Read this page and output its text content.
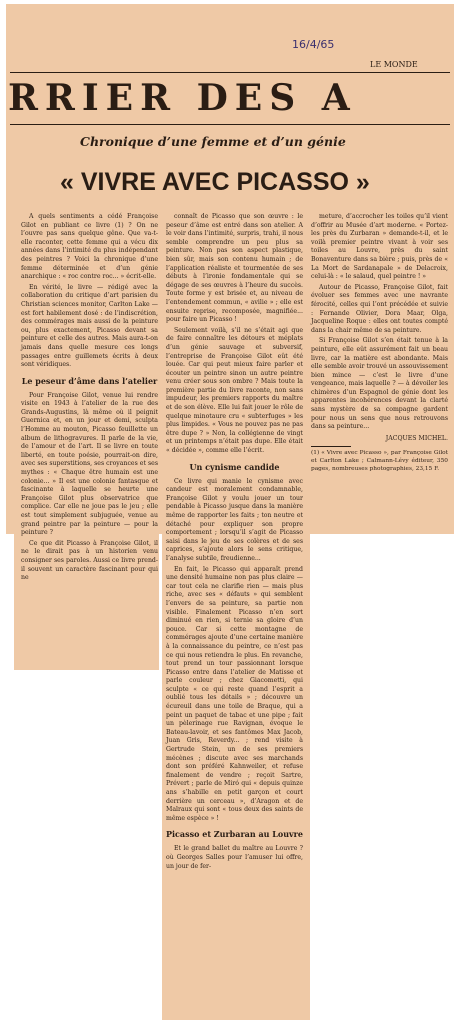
16/4/65
LE MONDE
RRIER DES A
Chronique d’une femme et d’un génie
« VIVRE AVEC PICASSO »

A quels sentiments a cédé Françoise Gilot en publiant ce livre (1) ? On ne l’ouvre pas sans quelque gêne. Que va-t-elle raconter, cette femme qui a vécu dix années dans l’intimité du plus indépendant des peintres ? Voici la chronique d’une femme déterminée et d’un génie anarchique : « roc contre roc... » écrit-elle.

En vérité, le livre — rédigé avec la collaboration du critique d’art parisien du Christian sciences monitor, Carlton Lake — est fort habilement dosé : de l’indiscrétion, des commérages mais aussi de la peinture ou, plus exactement, Picasso devant sa peinture et celle des autres. Mais aura-t-on jamais dans quelle mesure ces longs passages entre guillemets écrits à deux sont véridiques.

Le peseur d’âme dans l’atelier

Pour Françoise Gilot, venue lui rendre visite en 1943 à l’atelier de la rue des Grands-Augustins, là même où il peignit Guernica et, en un jour et demi, sculpta l’Homme au mouton, Picasso feuillette un album de lithogravures. Il parle de la vie, de l’amour et de l’art. Il se livre en toute liberté, en toute poésie, pourrait-on dire, avec ses superstitions, ses croyances et ses mythes : « Chaque être humain est une colonie... » Il est une colonie fantasque et fascinante à laquelle se heurte une Françoise Gilot plus observatrice que complice. Car elle ne joue pas le jeu ; elle est tout simplement subjuguée, venue au grand peintre par la peinture — pour la peinture ?

Ce que dit Picasso à Françoise Gilot, il ne le dirait pas à un historien venu consigner ses paroles. Aussi ce livre prend-il souvent un caractère fascinant pour qui ne

connaît de Picasso que son œuvre : le peseur d’âme est entré dans son atelier. A le voir dans l’intimité, surpris, trahi, il nous semble comprendre un peu plus sa peinture. Non pas son aspect plastique, bien sûr, mais son contenu humain ; de l’application réaliste et tourmentée de ses débuts à l’ironie fondamentale qui se dégage de ses œuvres à l’heure du succès. Toute forme y est brisée et, au niveau de l’entendement commun, « avilie » ; elle est ensuite reprise, recomposée, magnifiée... pour faire un Picasso !

Seulement voilà, s’il ne s’était agi que de faire connaître les détours et méplats d’un génie sauvage et subversif, l’entreprise de Françoise Gilot eût été louée. Car qui peut mieux faire parler et écouter un peintre sinon un autre peintre venu créer sous son ombre ? Mais toute la première partie du livre raconte, non sans impudeur, les premiers rapports du maître et de son élève. Elle lui fait jouer le rôle de quelque minotaure cru « subterfuges » les plus limpides. « Vous ne pouvez pas ne pas être dupe ? » Non, la collégienne de vingt et un printemps n’était pas dupe. Elle était « décidée », comme elle l’écrit.

Un cynisme candide

Ce livre qui manie le cynisme avec candeur est moralement condamnable, Françoise Gilot y voulu jouer un tour pendable à Picasso jusque dans la manière même de rapporter les faits ; ton neutre et détaché pour expliquer son propre comportement ; lorsqu’il s’agit de Picasso saisi dans le jeu de ses colères et de ses caprices, s’ajoute alors le sens critique, l’analyse subtile, freudienne...

En fait, le Picasso qui apparaît prend une densité humaine non pas plus claire — car tout cela ne clarifie rien — mais plus riche, avec ses « défauts » qui semblent l’envers de sa peinture, sa partie non visible. Finalement Picasso n’en sort diminué en rien, si ternie sa gloire d’un pouce. Car si cette montagne de commérages ajoute d’une certaine manière à la connaissance du peintre, ce n’est pas ce qui nous retiendra le plus. En revanche, tout prend un tour passionnant lorsque Picasso entre dans l’atelier de Matisse et parle couleur ; chez Giacometti, qui sculpte « ce qui reste quand l’esprit a oublié tous les détails » ; découvre un écureuil dans une toile de Braque, qui a peint un paquet de tabac et une pipe ; fait un pèlerinage rue Ravignan, évoque le Bateau-lavoir, et ses fantômes Max Jacob, Juan Gris, Reverdy... ; rend visite à Gertrude Stein, un de ses premiers mécènes ; discute avec ses marchands dont son préféré Kahnweiler, et refuse finalement de vendre ; reçoit Sartre, Prévert ; parle de Miró qui « depuis quinze ans s’habille en petit garçon et court derrière un cerceau », d’Aragon et de Malraux qui sont « tous deux des saints de même espèce » !

Picasso et Zurbaran au Louvre

Et le grand ballet du maître au Louvre ? où Georges Salles pour l’amuser lui offre, un jour de fer-

meture, d’accrocher les toiles qu’il vient d’offrir au Musée d’art moderne. « Portez-les près du Zurbaran » demande-t-il, et le voilà premier peintre vivant à voir ses toiles au Louvre, près du saint Bonaventure dans sa bière ; puis, près de « La Mort de Sardanapale » de Delacroix, celui-là : « le salaud, quel peintre ! »

Autour de Picasso, Françoise Gilot, fait évoluer ses femmes avec une navrante férocité, celles qui l’ont précédée et suivie : Fernande Olivier, Dora Maar, Olga, Jacqueline Roque : elles ont toutes compté dans la chair même de sa peinture.

Si Françoise Gilot s’en était tenue à la peinture, elle eût assurément fait un beau livre, car la matière est abondante. Mais elle semble avoir trouvé un assouvissement bien mince — c’est le livre d’une vengeance, mais laquelle ? — à dévoiler les chimères d’un Espagnol de génie dont les apparentes incohérences devant la clarté sans mystère de sa compagne gardent pour nous un sens que nous retrouvons dans sa peinture...

JACQUES MICHEL.
(1) « Vivre avec Picasso », par Françoise Gilot et Carlton Lake ; Calmann-Lévy éditeur, 350 pages, nombreuses photographies, 23,15 F.
